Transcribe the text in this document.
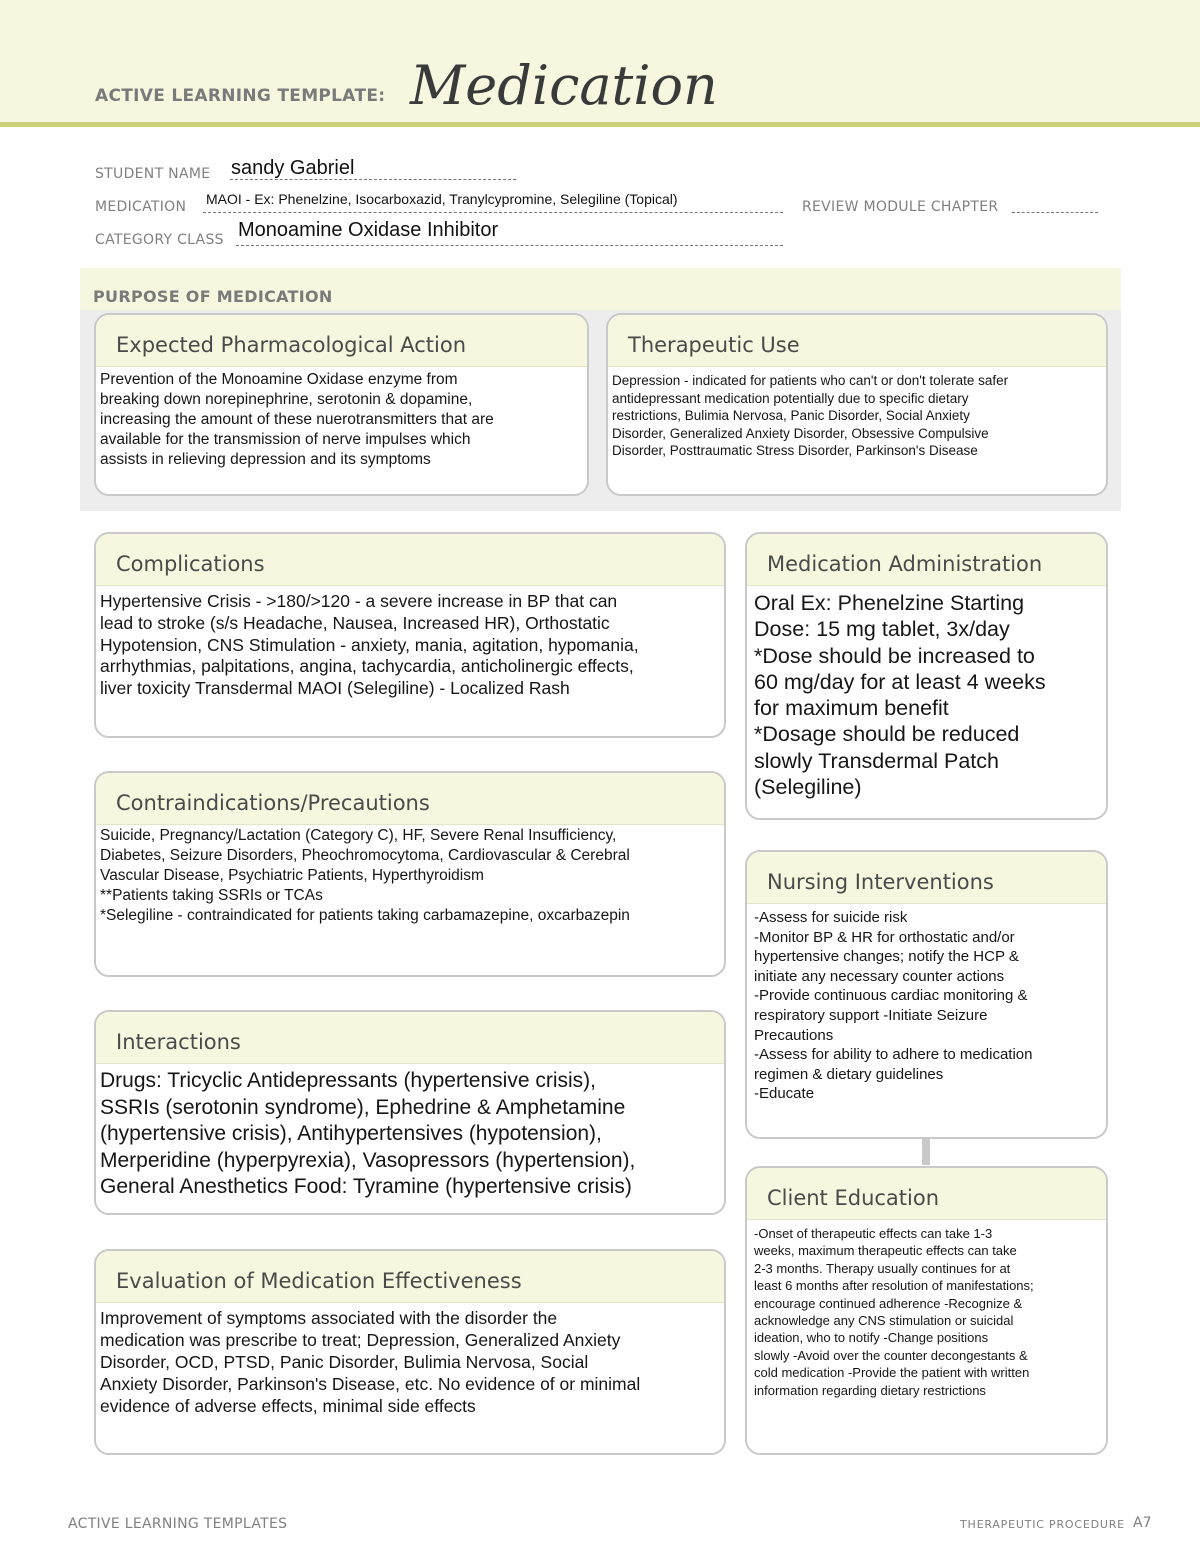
ACTIVE LEARNING TEMPLATE: Medication
STUDENT NAME sandy Gabriel
MEDICATION MAOI - Ex: Phenelzine, Isocarboxazid, Tranylcypromine, Selegiline (Topical)	REVIEW MODULE CHAPTER
CATEGORY CLASS Monoamine Oxidase Inhibitor
PURPOSE OF MEDICATION
Expected Pharmacological Action
Prevention of the Monoamine Oxidase enzyme from
breaking down norepinephrine, serotonin & dopamine,
increasing the amount of these nuerotransmitters that are
available for the transmission of nerve impulses which
assists in relieving depression and its symptoms
Therapeutic Use
Depression - indicated for patients who can't or don't tolerate safer
antidepressant medication potentially due to specific dietary
restrictions, Bulimia Nervosa, Panic Disorder, Social Anxiety
Disorder, Generalized Anxiety Disorder, Obsessive Compulsive
Disorder, Posttraumatic Stress Disorder, Parkinson's Disease
Complications
Hypertensive Crisis - >180/>120 - a severe increase in BP that can
lead to stroke (s/s Headache, Nausea, Increased HR), Orthostatic
Hypotension, CNS Stimulation - anxiety, mania, agitation, hypomania,
arrhythmias, palpitations, angina, tachycardia, anticholinergic effects,
liver toxicity Transdermal MAOI (Selegiline) - Localized Rash
Contraindications/Precautions
Suicide, Pregnancy/Lactation (Category C), HF, Severe Renal Insufficiency,
Diabetes, Seizure Disorders, Pheochromocytoma, Cardiovascular & Cerebral
Vascular Disease, Psychiatric Patients, Hyperthyroidism
**Patients taking SSRIs or TCAs
*Selegiline - contraindicated for patients taking carbamazepine, oxcarbazepin
Interactions
Drugs: Tricyclic Antidepressants (hypertensive crisis),
SSRIs (serotonin syndrome), Ephedrine & Amphetamine
(hypertensive crisis), Antihypertensives (hypotension),
Merperidine (hyperpyrexia), Vasopressors (hypertension),
General Anesthetics Food: Tyramine (hypertensive crisis)
Evaluation of Medication Effectiveness
Improvement of symptoms associated with the disorder the
medication was prescribe to treat; Depression, Generalized Anxiety
Disorder, OCD, PTSD, Panic Disorder, Bulimia Nervosa, Social
Anxiety Disorder, Parkinson's Disease, etc. No evidence of or minimal
evidence of adverse effects, minimal side effects
Medication Administration
Oral Ex: Phenelzine Starting
Dose: 15 mg tablet, 3x/day
*Dose should be increased to
60 mg/day for at least 4 weeks
for maximum benefit
*Dosage should be reduced
slowly Transdermal Patch
(Selegiline)
Nursing Interventions
-Assess for suicide risk
-Monitor BP & HR for orthostatic and/or
hypertensive changes; notify the HCP &
initiate any necessary counter actions
-Provide continuous cardiac monitoring &
respiratory support -Initiate Seizure
Precautions
-Assess for ability to adhere to medication
regimen & dietary guidelines
-Educate
Client Education
-Onset of therapeutic effects can take 1-3
weeks, maximum therapeutic effects can take
2-3 months. Therapy usually continues for at
least 6 months after resolution of manifestations;
encourage continued adherence -Recognize &
acknowledge any CNS stimulation or suicidal
ideation, who to notify -Change positions
slowly -Avoid over the counter decongestants &
cold medication -Provide the patient with written
information regarding dietary restrictions
ACTIVE LEARNING TEMPLATES	THERAPEUTIC PROCEDURE A7
